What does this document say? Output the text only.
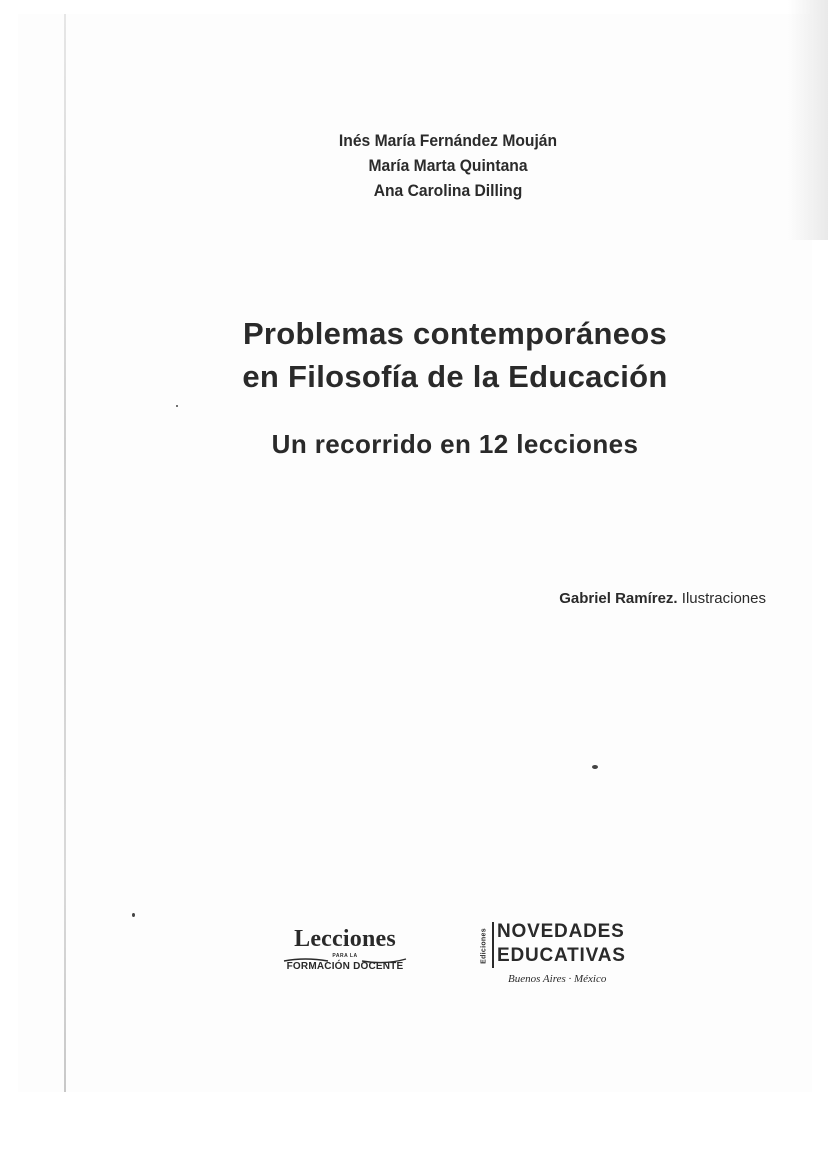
Inés María Fernández Mouján
María Marta Quintana
Ana Carolina Dilling
Problemas contemporáneos
en Filosofía de la Educación
Un recorrido en 12 lecciones
Gabriel Ramírez. Ilustraciones
Lecciones
PARA LA
FORMACIÓN DOCENTE
Ediciones NOVEDADES
EDUCATIVAS
Buenos Aires · México
